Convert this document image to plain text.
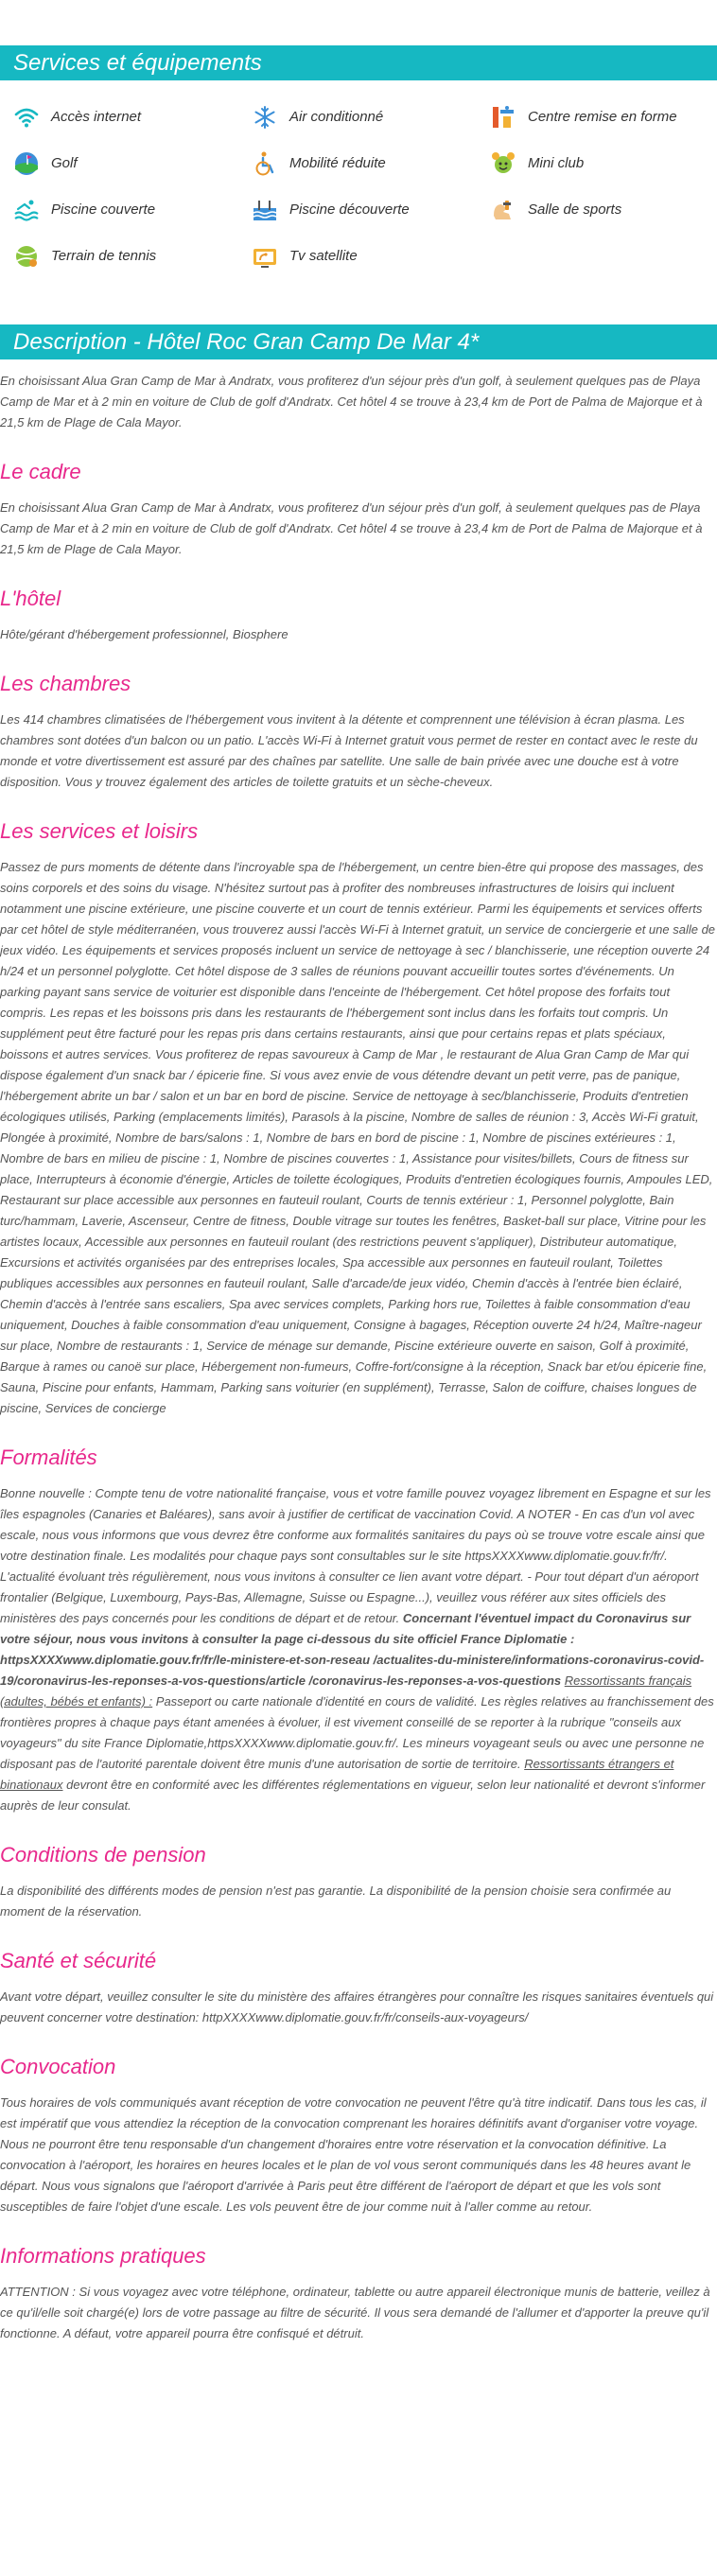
Services et équipements
Accès internet	Air conditionné	Centre remise en forme
Golf	Mobilité réduite	Mini club
Piscine couverte	Piscine découverte	Salle de sports
Terrain de tennis	Tv satellite
Description - Hôtel Roc Gran Camp De Mar 4*

En choisissant Alua Gran Camp de Mar à Andratx, vous profiterez d'un séjour près d'un golf, à seulement quelques pas de Playa Camp de Mar et à 2 min en voiture de Club de golf d'Andratx. Cet hôtel 4 se trouve à 23,4 km de Port de Palma de Majorque et à 21,5 km de Plage de Cala Mayor.

Le cadre

En choisissant Alua Gran Camp de Mar à Andratx, vous profiterez d'un séjour près d'un golf, à seulement quelques pas de Playa Camp de Mar et à 2 min en voiture de Club de golf d'Andratx. Cet hôtel 4 se trouve à 23,4 km de Port de Palma de Majorque et à 21,5 km de Plage de Cala Mayor.

L'hôtel

Hôte/gérant d'hébergement professionnel, Biosphere

Les chambres

Les 414 chambres climatisées de l'hébergement vous invitent à la détente et comprennent une télévision à écran plasma. Les chambres sont dotées d'un balcon ou un patio. L'accès Wi-Fi à Internet gratuit vous permet de rester en contact avec le reste du monde et votre divertissement est assuré par des chaînes par satellite. Une salle de bain privée avec une douche est à votre disposition. Vous y trouvez également des articles de toilette gratuits et un sèche-cheveux.

Les services et loisirs

Passez de purs moments de détente dans l'incroyable spa de l'hébergement, un centre bien-être qui propose des massages, des soins corporels et des soins du visage. N'hésitez surtout pas à profiter des nombreuses infrastructures de loisirs qui incluent notamment une piscine extérieure, une piscine couverte et un court de tennis extérieur. Parmi les équipements et services offerts par cet hôtel de style méditerranéen, vous trouverez aussi l'accès Wi-Fi à Internet gratuit, un service de conciergerie et une salle de jeux vidéo. Les équipements et services proposés incluent un service de nettoyage à sec / blanchisserie, une réception ouverte 24 h/24 et un personnel polyglotte. Cet hôtel dispose de 3 salles de réunions pouvant accueillir toutes sortes d'événements. Un parking payant sans service de voiturier est disponible dans l'enceinte de l'hébergement. Cet hôtel propose des forfaits tout compris. Les repas et les boissons pris dans les restaurants de l'hébergement sont inclus dans les forfaits tout compris. Un supplément peut être facturé pour les repas pris dans certains restaurants, ainsi que pour certains repas et plats spéciaux, boissons et autres services. Vous profiterez de repas savoureux à Camp de Mar , le restaurant de Alua Gran Camp de Mar qui dispose également d'un snack bar / épicerie fine. Si vous avez envie de vous détendre devant un petit verre, pas de panique, l'hébergement abrite un bar / salon et un bar en bord de piscine. Service de nettoyage à sec/blanchisserie, Produits d'entretien écologiques utilisés, Parking (emplacements limités), Parasols à la piscine, Nombre de salles de réunion : 3, Accès Wi-Fi gratuit, Plongée à proximité, Nombre de bars/salons : 1, Nombre de bars en bord de piscine : 1, Nombre de piscines extérieures : 1, Nombre de bars en milieu de piscine : 1, Nombre de piscines couvertes : 1, Assistance pour visites/billets, Cours de fitness sur place, Interrupteurs à économie d'énergie, Articles de toilette écologiques, Produits d'entretien écologiques fournis, Ampoules LED, Restaurant sur place accessible aux personnes en fauteuil roulant, Courts de tennis extérieur : 1, Personnel polyglotte, Bain turc/hammam, Laverie, Ascenseur, Centre de fitness, Double vitrage sur toutes les fenêtres, Basket-ball sur place, Vitrine pour les artistes locaux, Accessible aux personnes en fauteuil roulant (des restrictions peuvent s'appliquer), Distributeur automatique, Excursions et activités organisées par des entreprises locales, Spa accessible aux personnes en fauteuil roulant, Toilettes publiques accessibles aux personnes en fauteuil roulant, Salle d'arcade/de jeux vidéo, Chemin d'accès à l'entrée bien éclairé, Chemin d'accès à l'entrée sans escaliers, Spa avec services complets, Parking hors rue, Toilettes à faible consommation d'eau uniquement, Douches à faible consommation d'eau uniquement, Consigne à bagages, Réception ouverte 24 h/24, Maître-nageur sur place, Nombre de restaurants : 1, Service de ménage sur demande, Piscine extérieure ouverte en saison, Golf à proximité, Barque à rames ou canoë sur place, Hébergement non-fumeurs, Coffre-fort/consigne à la réception, Snack bar et/ou épicerie fine, Sauna, Piscine pour enfants, Hammam, Parking sans voiturier (en supplément), Terrasse, Salon de coiffure, chaises longues de piscine, Services de concierge

Formalités

Bonne nouvelle : Compte tenu de votre nationalité française, vous et votre famille pouvez voyagez librement en Espagne et sur les îles espagnoles (Canaries et Baléares), sans avoir à justifier de certificat de vaccination Covid. A NOTER - En cas d'un vol avec escale, nous vous informons que vous devrez être conforme aux formalités sanitaires du pays où se trouve votre escale ainsi que votre destination finale. Les modalités pour chaque pays sont consultables sur le site httpsXXXXwww.diplomatie.gouv.fr/fr/. L'actualité évoluant très régulièrement, nous vous invitons à consulter ce lien avant votre départ. - Pour tout départ d'un aéroport frontalier (Belgique, Luxembourg, Pays-Bas, Allemagne, Suisse ou Espagne...), veuillez vous référer aux sites officiels des ministères des pays concernés pour les conditions de départ et de retour. Concernant l'éventuel impact du Coronavirus sur votre séjour, nous vous invitons à consulter la page ci-dessous du site officiel France Diplomatie : httpsXXXXwww.diplomatie.gouv.fr/fr/le-ministere-et-son-reseau /actualites-du-ministere/informations-coronavirus-covid-19/coronavirus-les-reponses-a-vos-questions/article /coronavirus-les-reponses-a-vos-questions Ressortissants français (adultes, bébés et enfants) : Passeport ou carte nationale d'identité en cours de validité. Les règles relatives au franchissement des frontières propres à chaque pays étant amenées à évoluer, il est vivement conseillé de se reporter à la rubrique "conseils aux voyageurs" du site France Diplomatie,httpsXXXXwww.diplomatie.gouv.fr/. Les mineurs voyageant seuls ou avec une personne ne disposant pas de l'autorité parentale doivent être munis d'une autorisation de sortie de territoire. Ressortissants étrangers et binationaux devront être en conformité avec les différentes réglementations en vigueur, selon leur nationalité et devront s'informer auprès de leur consulat.

Conditions de pension

La disponibilité des différents modes de pension n'est pas garantie. La disponibilité de la pension choisie sera confirmée au moment de la réservation.

Santé et sécurité

Avant votre départ, veuillez consulter le site du ministère des affaires étrangères pour connaître les risques sanitaires éventuels qui peuvent concerner votre destination: httpXXXXwww.diplomatie.gouv.fr/fr/conseils-aux-voyageurs/

Convocation

Tous horaires de vols communiqués avant réception de votre convocation ne peuvent l'être qu'à titre indicatif. Dans tous les cas, il est impératif que vous attendiez la réception de la convocation comprenant les horaires définitifs avant d'organiser votre voyage. Nous ne pourront être tenu responsable d'un changement d'horaires entre votre réservation et la convocation définitive. La convocation à l'aéroport, les horaires en heures locales et le plan de vol vous seront communiqués dans les 48 heures avant le départ. Nous vous signalons que l'aéroport d'arrivée à Paris peut être différent de l'aéroport de départ et que les vols sont susceptibles de faire l'objet d'une escale. Les vols peuvent être de jour comme nuit à l'aller comme au retour.

Informations pratiques

ATTENTION : Si vous voyagez avec votre téléphone, ordinateur, tablette ou autre appareil électronique munis de batterie, veillez à ce qu'il/elle soit chargé(e) lors de votre passage au filtre de sécurité. Il vous sera demandé de l'allumer et d'apporter la preuve qu'il fonctionne. A défaut, votre appareil pourra être confisqué et détruit.
